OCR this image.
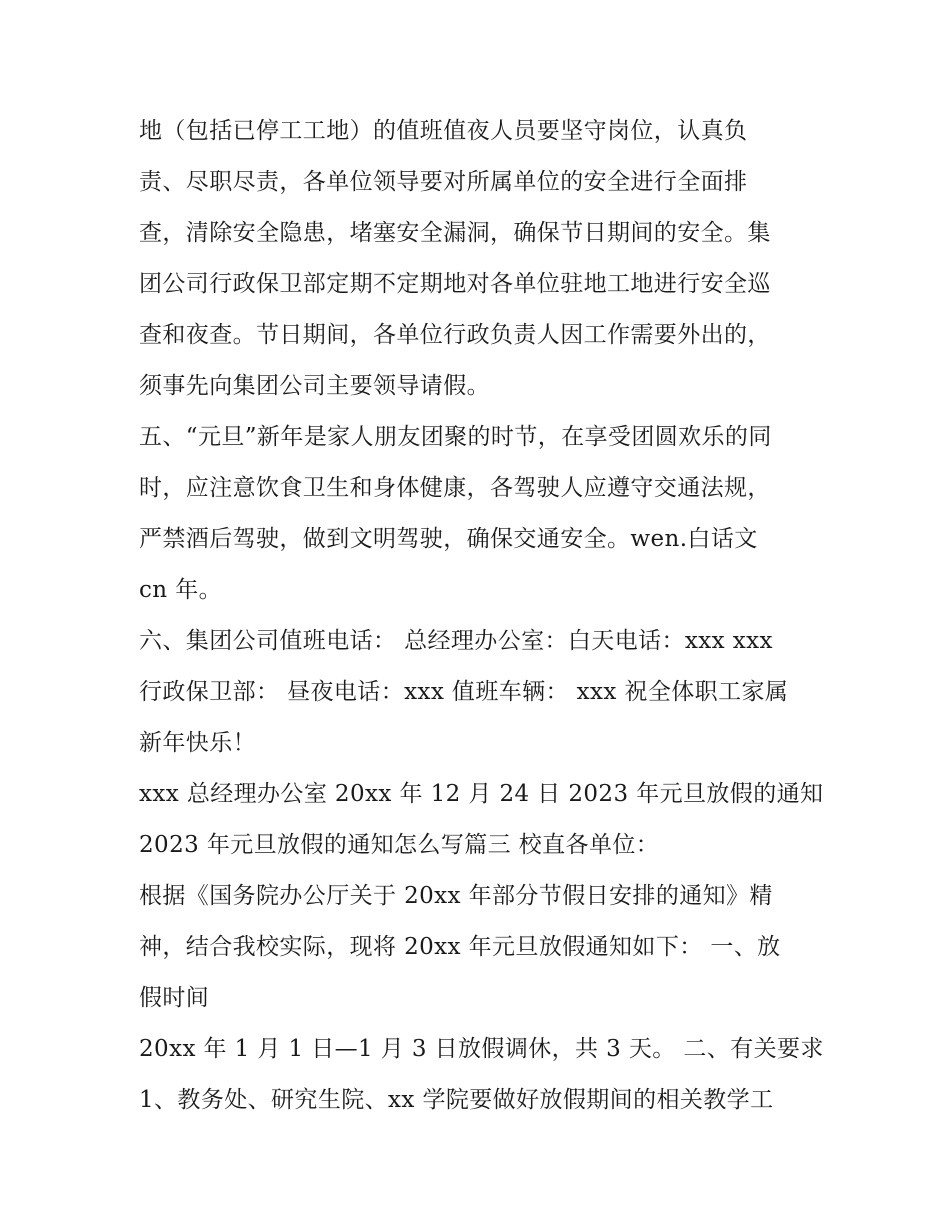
地（包括已停工工地）的值班值夜人员要坚守岗位，认真负
责、尽职尽责，各单位领导要对所属单位的安全进行全面排
查，清除安全隐患，堵塞安全漏洞，确保节日期间的安全。集
团公司行政保卫部定期不定期地对各单位驻地工地进行安全巡
查和夜查。节日期间，各单位行政负责人因工作需要外出的，
须事先向集团公司主要领导请假。
五、“元旦”新年是家人朋友团聚的时节，在享受团圆欢乐的同
时，应注意饮食卫生和身体健康，各驾驶人应遵守交通法规，
严禁酒后驾驶，做到文明驾驶，确保交通安全。wen.白话文
cn 年。
六、集团公司值班电话： 总经理办公室：白天电话：xxx xxx
行政保卫部： 昼夜电话：xxx 值班车辆： xxx 祝全体职工家属
新年快乐！
xxx 总经理办公室 20xx 年 12 月 24 日 2023 年元旦放假的通知
2023 年元旦放假的通知怎么写篇三 校直各单位：
根据《国务院办公厅关于 20xx 年部分节假日安排的通知》精
神，结合我校实际，现将 20xx 年元旦放假通知如下： 一、放
假时间
20xx 年 1 月 1 日—1 月 3 日放假调休，共 3 天。 二、有关要求
1、教务处、研究生院、xx 学院要做好放假期间的相关教学工
